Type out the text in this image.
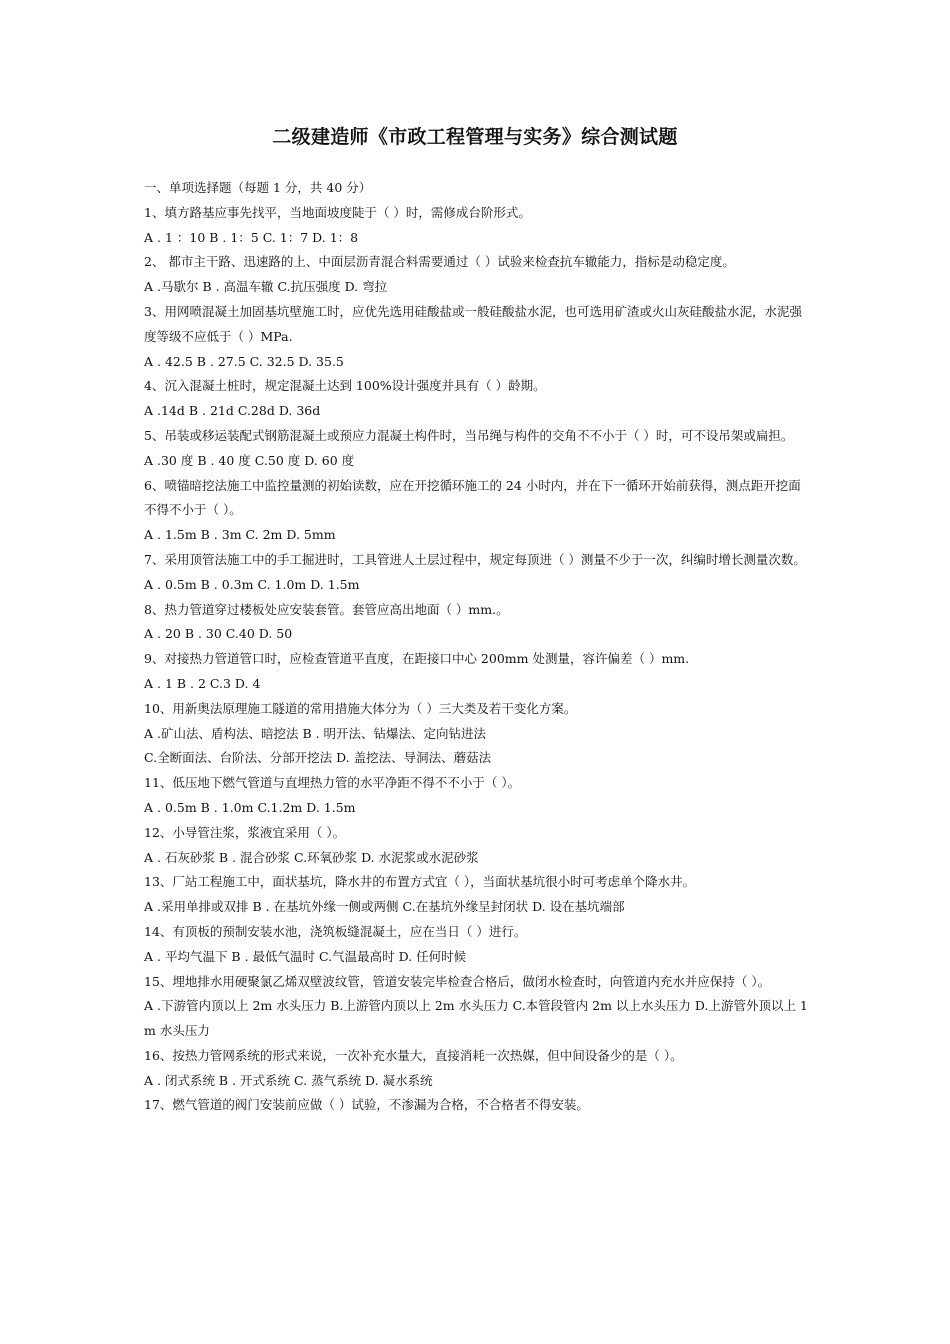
二级建造师《市政工程管理与实务》综合测试题

一、单项选择题（每题 1 分，共 40 分）

1、填方路基应事先找平，当地面坡度陡于（ ）时，需修成台阶形式。

A . 1 ：10 B . 1：5 C. 1：7 D. 1：8

2、 都市主干路、迅速路的上、中面层沥青混合料需要通过（ ）试验来检查抗车辙能力，指标是动稳定度。

A .马歇尔 B . 高温车辙 C.抗压强度 D. 弯拉

3、用网喷混凝土加固基坑壁施工时，应优先选用硅酸盐或一般硅酸盐水泥，也可选用矿渣或火山灰硅酸盐水泥，水泥强度等级不应低于（ ）MPa.

A . 42.5 B . 27.5 C. 32.5 D. 35.5

4、沉入混凝土桩时，规定混凝土达到 100%设计强度并具有（ ）龄期。

A .14d B . 21d C.28d D. 36d

5、吊装或移运装配式钢筋混凝土或预应力混凝土构件时，当吊绳与构件的交角不不小于（ ）时，可不设吊架或扁担。

A .30 度 B . 40 度 C.50 度 D. 60 度

6、喷锚暗挖法施工中监控量测的初始读数，应在开挖循环施工的 24 小时内，并在下一循环开始前获得，测点距开挖面不得不小于（ ）。

A . 1.5m B . 3m C. 2m D. 5mm

7、采用顶管法施工中的手工掘进时，工具管进人土层过程中，规定每顶进（ ）测量不少于一次，纠编时增长测量次数。

A . 0.5m B . 0.3m C. 1.0m D. 1.5m

8、热力管道穿过楼板处应安装套管。套管应高出地面（ ）mm.。

A . 20 B . 30 C.40 D. 50

9、对接热力管道管口时，应检查管道平直度，在距接口中心 200mm 处测量，容许偏差（ ）mm.

A . 1 B . 2 C.3 D. 4

10、用新奥法原理施工隧道的常用措施大体分为（ ）三大类及若干变化方案。

A .矿山法、盾构法、暗挖法 B . 明开法、钻爆法、定向钻进法

C.全断面法、台阶法、分部开挖法 D. 盖挖法、导洞法、蘑菇法

11、低压地下燃气管道与直埋热力管的水平净距不得不不小于（ ）。

A . 0.5m B . 1.0m C.1.2m D. 1.5m

12、小导管注浆，浆液宜采用（ ）。

A . 石灰砂浆 B . 混合砂浆 C.环氧砂浆 D. 水泥浆或水泥砂浆

13、厂站工程施工中，面状基坑，降水井的布置方式宜（ ），当面状基坑很小时可考虑单个降水井。

A .采用单排或双排 B . 在基坑外缘一侧或两侧 C.在基坑外缘呈封闭状 D. 设在基坑端部

14、有顶板的预制安装水池，浇筑板缝混凝土，应在当日（ ）进行。

A . 平均气温下 B . 最低气温时 C.气温最高时 D. 任何时候

15、埋地排水用硬聚氯乙烯双壁波纹管，管道安装完毕检查合格后，做闭水检查时，向管道内充水并应保持（ ）。

A .下游管内顶以上 2m 水头压力 B.上游管内顶以上 2m 水头压力 C.本管段管内 2m 以上水头压力 D.上游管外顶以上 1m 水头压力

16、按热力管网系统的形式来说，一次补充水量大，直接消耗一次热媒，但中间设备少的是（ ）。

A . 闭式系统 B . 开式系统 C. 蒸气系统 D. 凝水系统

17、燃气管道的阀门安装前应做（ ）试验，不渗漏为合格，不合格者不得安装。
